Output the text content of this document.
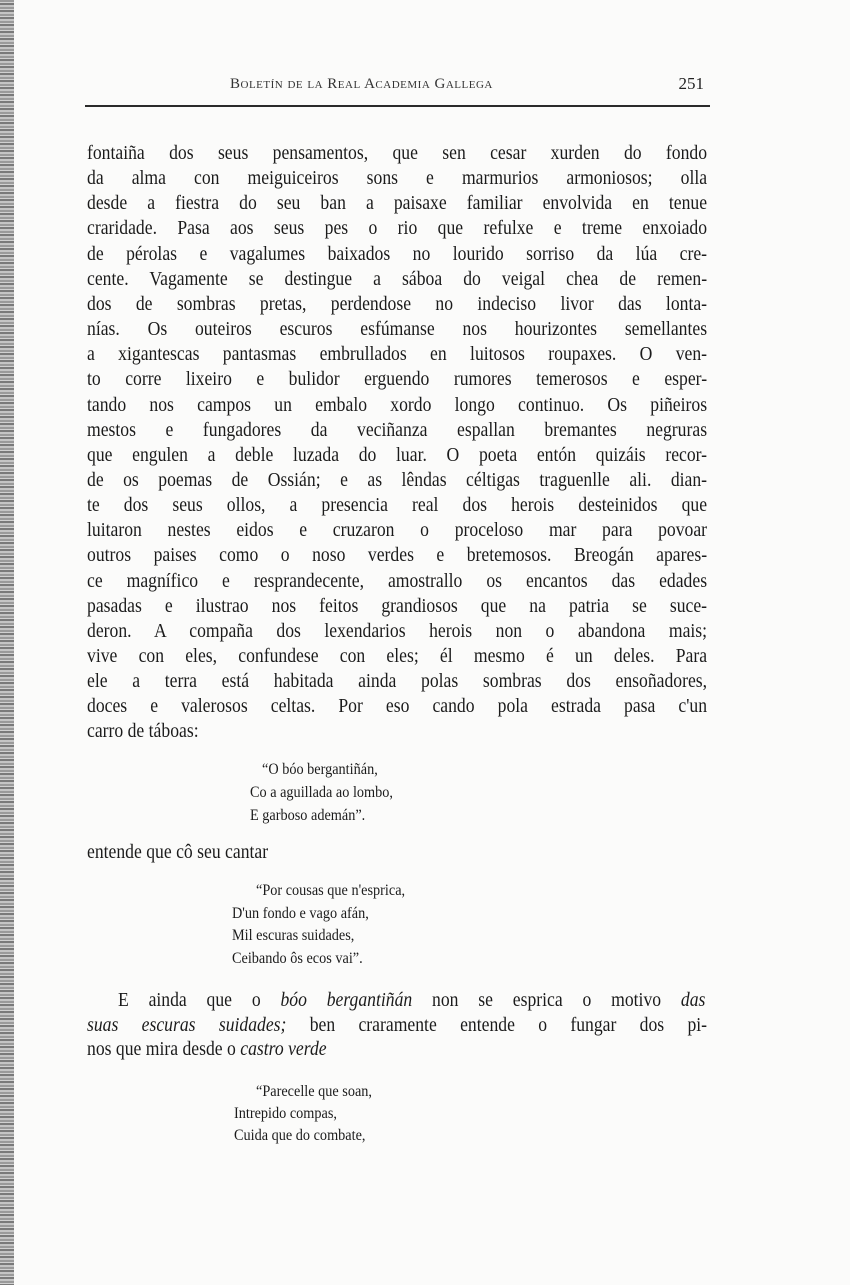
Boletín de la Real Academia Gallega	251
fontaiña dos seus pensamentos, que sen cesar xurden do fondo
da alma con meiguiceiros sons e marmurios armoniosos; olla
desde a fiestra do seu ban a paisaxe familiar envolvida en tenue
craridade. Pasa aos seus pes o rio que refulxe e treme enxoiado
de pérolas e vagalumes baixados no lourido sorriso da lúa cre-
cente. Vagamente se destingue a sáboa do veigal chea de remen-
dos de sombras pretas, perdendose no indeciso livor das lonta-
nías. Os outeiros escuros esfúmanse nos hourizontes semellantes
a xigantescas pantasmas embrullados en luitosos roupaxes. O ven-
to corre lixeiro e bulidor erguendo rumores temerosos e esper-
tando nos campos un embalo xordo longo continuo. Os piñeiros
mestos e fungadores da veciñanza espallan bremantes negruras
que engulen a deble luzada do luar. O poeta entón quizáis recor-
de os poemas de Ossián; e as lêndas céltigas traguenlle ali. dian-
te dos seus ollos, a presencia real dos herois desteinidos que
luitaron nestes eidos e cruzaron o proceloso mar para povoar
outros paises como o noso verdes e bretemosos. Breogán apares-
ce magnífico e resprandecente, amostrallo os encantos das edades
pasadas e ilustrao nos feitos grandiosos que na patria se suce-
deron. A compaña dos lexendarios herois non o abandona mais;
vive con eles, confundese con eles; él mesmo é un deles. Para
ele a terra está habitada ainda polas sombras dos ensoñadores,
doces e valerosos celtas. Por eso cando pola estrada pasa c'un
carro de táboas:
“O bóo bergantiñán,
Co a aguillada ao lombo,
E garboso ademán”.
entende que cô seu cantar
“Por cousas que n'esprica,
D'un fondo e vago afán,
Mil escuras suidades,
Ceibando ôs ecos vai”.
E ainda que o bóo bergantiñán non se esprica o motivo das
suas escuras suidades; ben craramente entende o fungar dos pi-
nos que mira desde o castro verde
“Parecelle que soan,
Intrepido compas,
Cuida que do combate,
